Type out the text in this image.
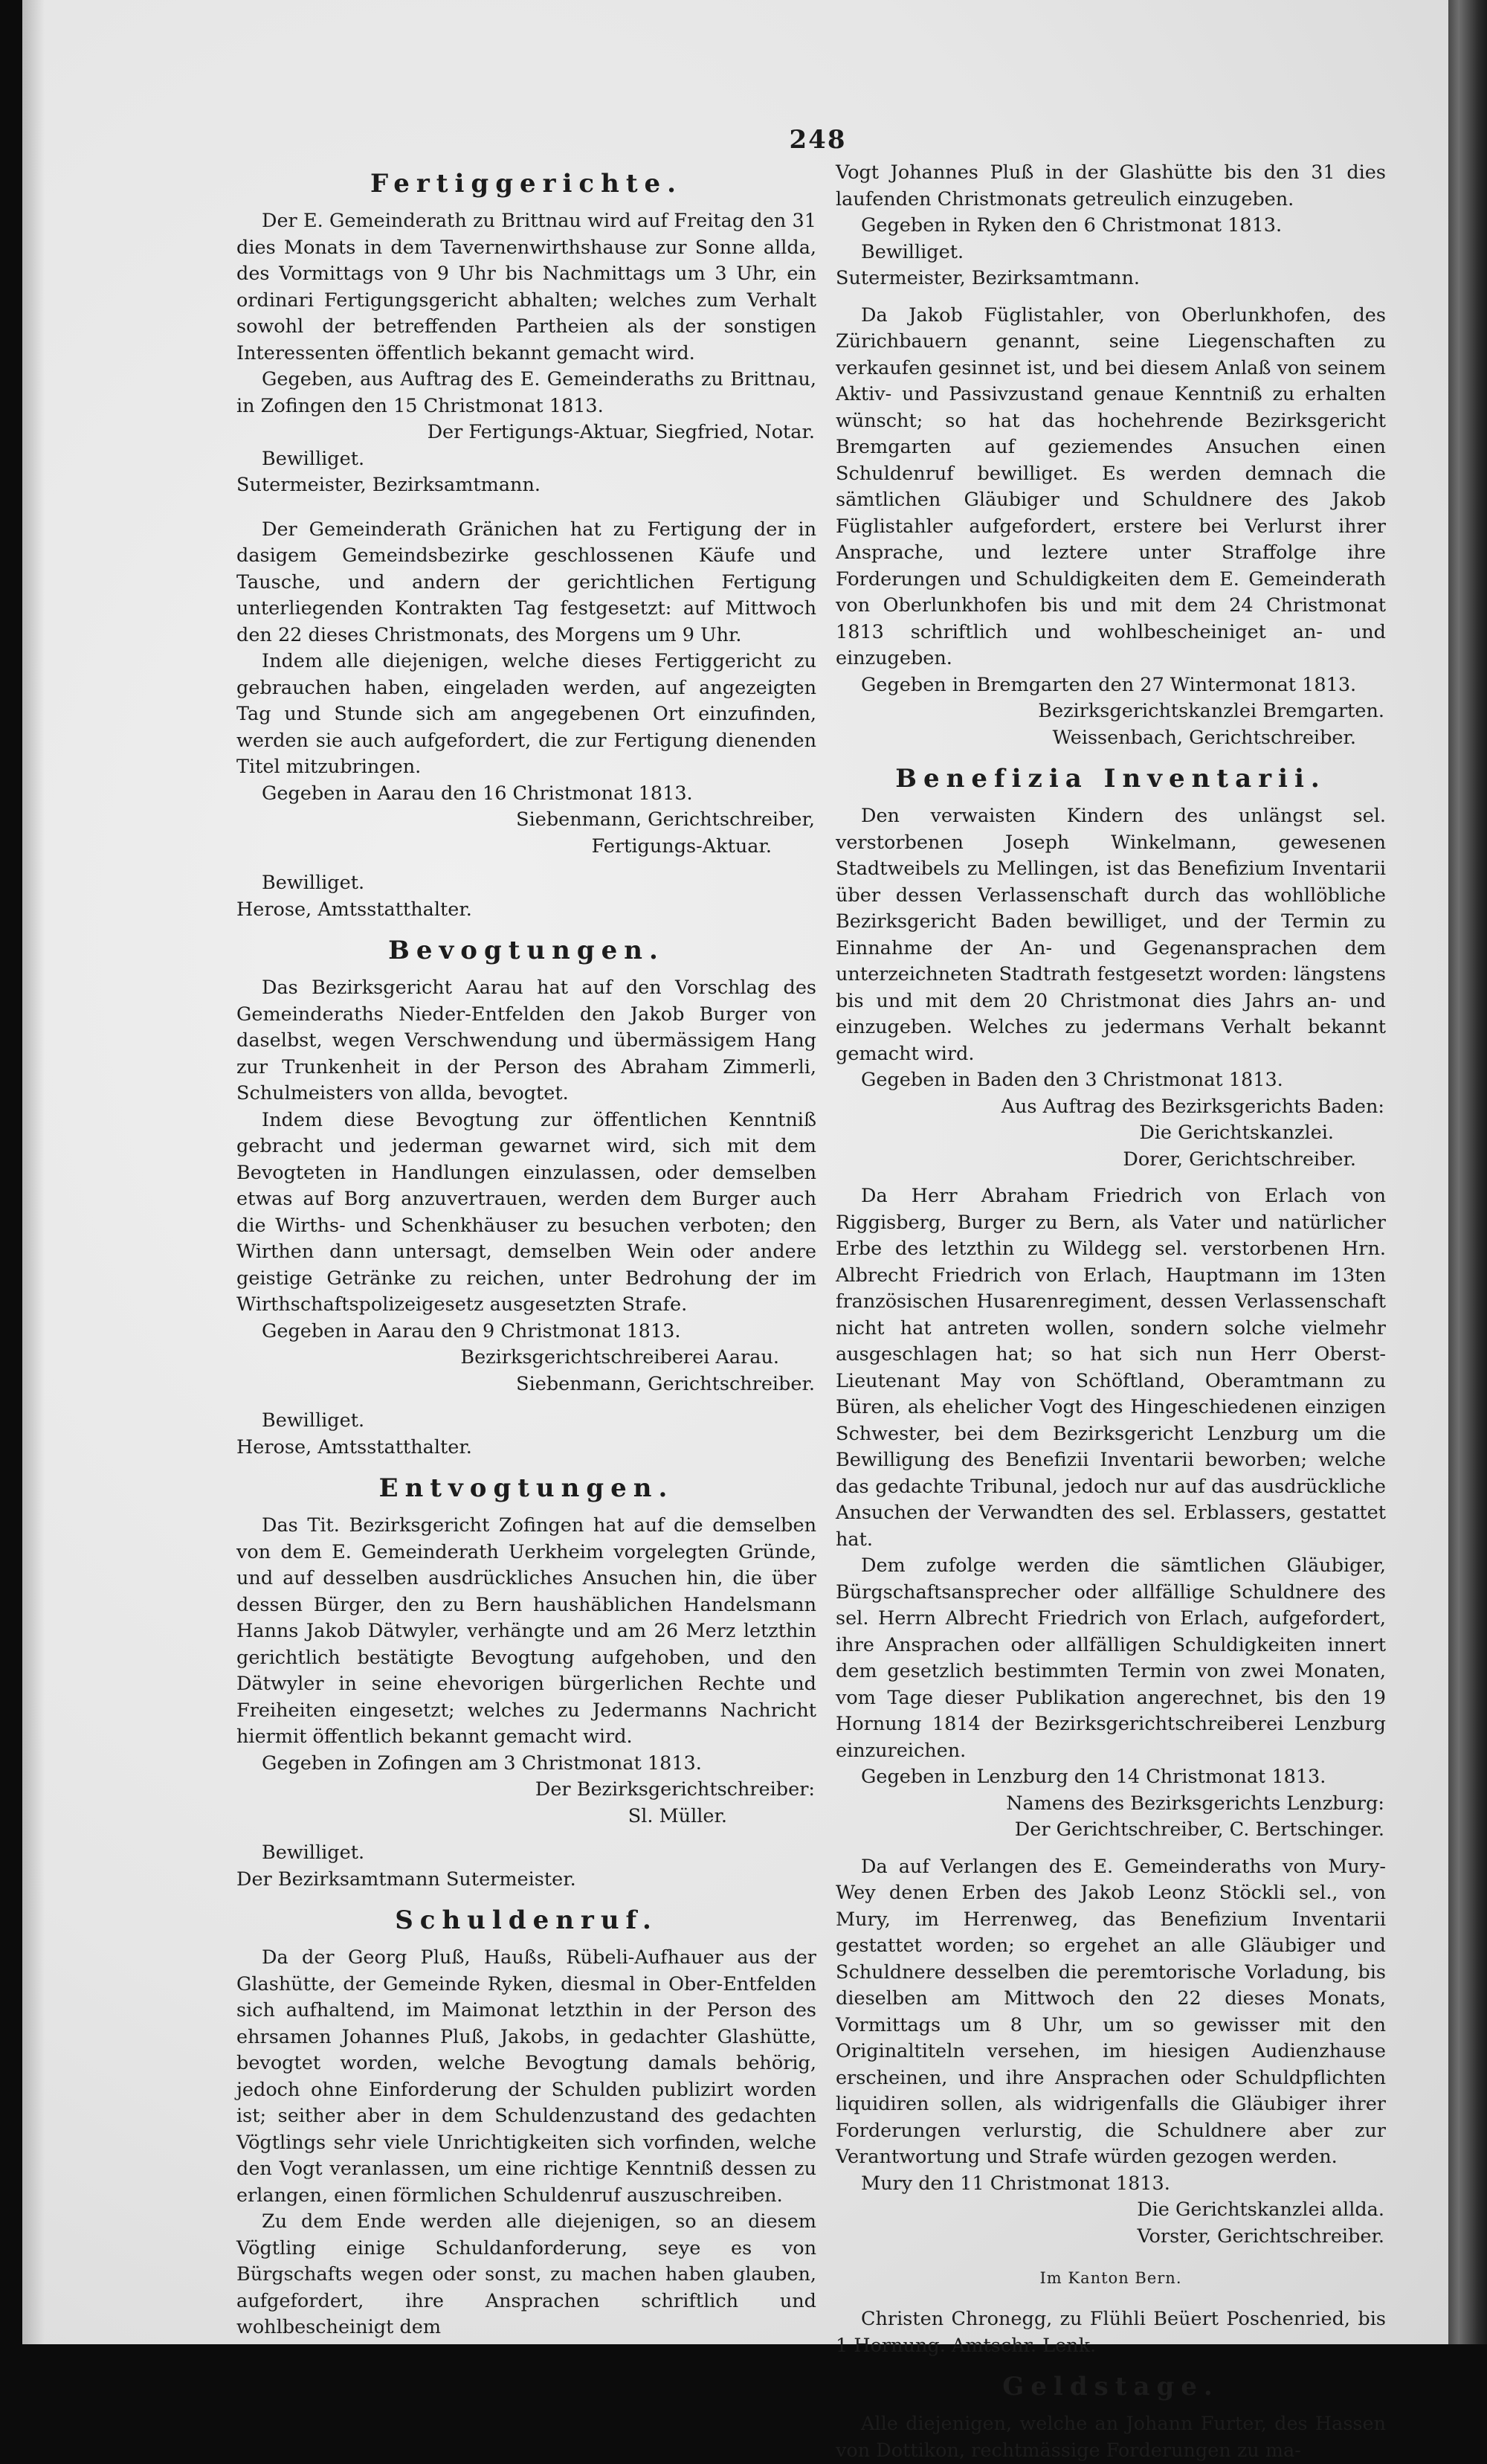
248
Fertiggerichte.

Der E. Gemeinderath zu Brittnau wird auf Freitag den 31 dies Monats in dem Tavernenwirthshause zur Sonne allda, des Vormittags von 9 Uhr bis Nachmittags um 3 Uhr, ein ordinari Fertigungsgericht abhalten; welches zum Verhalt sowohl der betreffenden Partheien als der sonstigen Interessenten öffentlich bekannt gemacht wird.

Gegeben, aus Auftrag des E. Gemeinderaths zu Brittnau, in Zofingen den 15 Christmonat 1813.

Der Fertigungs-Aktuar, Siegfried, Notar.

Bewilliget.

Sutermeister, Bezirksamtmann.

Der Gemeinderath Gränichen hat zu Fertigung der in dasigem Gemeindsbezirke geschlossenen Käufe und Tausche, und andern der gerichtlichen Fertigung unterliegenden Kontrakten Tag festgesetzt: auf Mittwoch den 22 dieses Christmonats, des Morgens um 9 Uhr.

Indem alle diejenigen, welche dieses Fertiggericht zu gebrauchen haben, eingeladen werden, auf angezeigten Tag und Stunde sich am angegebenen Ort einzufinden, werden sie auch aufgefordert, die zur Fertigung dienenden Titel mitzubringen.

Gegeben in Aarau den 16 Christmonat 1813.

Siebenmann, Gerichtschreiber,

Fertigungs-Aktuar.

Bewilliget.

Herose, Amtsstatthalter.

Bevogtungen.

Das Bezirksgericht Aarau hat auf den Vorschlag des Gemeinderaths Nieder-Entfelden den Jakob Burger von daselbst, wegen Verschwendung und übermässigem Hang zur Trunkenheit in der Person des Abraham Zimmerli, Schulmeisters von allda, bevogtet.

Indem diese Bevogtung zur öffentlichen Kenntniß gebracht und jederman gewarnet wird, sich mit dem Bevogteten in Handlungen einzulassen, oder demselben etwas auf Borg anzuvertrauen, werden dem Burger auch die Wirths- und Schenkhäuser zu besuchen verboten; den Wirthen dann untersagt, demselben Wein oder andere geistige Getränke zu reichen, unter Bedrohung der im Wirthschaftspolizeigesetz ausgesetzten Strafe.

Gegeben in Aarau den 9 Christmonat 1813.

Bezirksgerichtschreiberei Aarau.

Siebenmann, Gerichtschreiber.

Bewilliget.

Herose, Amtsstatthalter.

Entvogtungen.

Das Tit. Bezirksgericht Zofingen hat auf die demselben von dem E. Gemeinderath Uerkheim vorgelegten Gründe, und auf desselben ausdrückliches Ansuchen hin, die über dessen Bürger, den zu Bern haushäblichen Handelsmann Hanns Jakob Dätwyler, verhängte und am 26 Merz letzthin gerichtlich bestätigte Bevogtung aufgehoben, und den Dätwyler in seine ehevorigen bürgerlichen Rechte und Freiheiten eingesetzt; welches zu Jedermanns Nachricht hiermit öffentlich bekannt gemacht wird.

Gegeben in Zofingen am 3 Christmonat 1813.

Der Bezirksgerichtschreiber:

Sl. Müller.

Bewilliget.

Der Bezirksamtmann Sutermeister.

Schuldenruf.

Da der Georg Pluß, Haußs, Rübeli-Aufhauer aus der Glashütte, der Gemeinde Ryken, diesmal in Ober-Entfelden sich aufhaltend, im Maimonat letzthin in der Person des ehrsamen Johannes Pluß, Jakobs, in gedachter Glashütte, bevogtet worden, welche Bevogtung damals behörig, jedoch ohne Einforderung der Schulden publizirt worden ist; seither aber in dem Schuldenzustand des gedachten Vögtlings sehr viele Unrichtigkeiten sich vorfinden, welche den Vogt veranlassen, um eine richtige Kenntniß dessen zu erlangen, einen förmlichen Schuldenruf auszuschreiben.

Zu dem Ende werden alle diejenigen, so an diesem Vögtling einige Schuldanforderung, seye es von Bürgschafts wegen oder sonst, zu machen haben glauben, aufgefordert, ihre Ansprachen schriftlich und wohlbescheinigt dem

Vogt Johannes Pluß in der Glashütte bis den 31 dies laufenden Christmonats getreulich einzugeben.

Gegeben in Ryken den 6 Christmonat 1813.

Bewilliget.

Sutermeister, Bezirksamtmann.

Da Jakob Füglistahler, von Oberlunkhofen, des Zürichbauern genannt, seine Liegenschaften zu verkaufen gesinnet ist, und bei diesem Anlaß von seinem Aktiv- und Passivzustand genaue Kenntniß zu erhalten wünscht; so hat das hochehrende Bezirksgericht Bremgarten auf geziemendes Ansuchen einen Schuldenruf bewilliget. Es werden demnach die sämtlichen Gläubiger und Schuldnere des Jakob Füglistahler aufgefordert, erstere bei Verlurst ihrer Ansprache, und leztere unter Straffolge ihre Forderungen und Schuldigkeiten dem E. Gemeinderath von Oberlunkhofen bis und mit dem 24 Christmonat 1813 schriftlich und wohlbescheiniget an- und einzugeben.

Gegeben in Bremgarten den 27 Wintermonat 1813.

Bezirksgerichtskanzlei Bremgarten.

Weissenbach, Gerichtschreiber.

Benefizia Inventarii.

Den verwaisten Kindern des unlängst sel. verstorbenen Joseph Winkelmann, gewesenen Stadtweibels zu Mellingen, ist das Benefizium Inventarii über dessen Verlassenschaft durch das wohllöbliche Bezirksgericht Baden bewilliget, und der Termin zu Einnahme der An- und Gegenansprachen dem unterzeichneten Stadtrath festgesetzt worden: längstens bis und mit dem 20 Christmonat dies Jahrs an- und einzugeben. Welches zu jedermans Verhalt bekannt gemacht wird.

Gegeben in Baden den 3 Christmonat 1813.

Aus Auftrag des Bezirksgerichts Baden:

Die Gerichtskanzlei.

Dorer, Gerichtschreiber.

Da Herr Abraham Friedrich von Erlach von Riggisberg, Burger zu Bern, als Vater und natürlicher Erbe des letzthin zu Wildegg sel. verstorbenen Hrn. Albrecht Friedrich von Erlach, Hauptmann im 13ten französischen Husarenregiment, dessen Verlassenschaft nicht hat antreten wollen, sondern solche vielmehr ausgeschlagen hat; so hat sich nun Herr Oberst-Lieutenant May von Schöftland, Oberamtmann zu Büren, als ehelicher Vogt des Hingeschiedenen einzigen Schwester, bei dem Bezirksgericht Lenzburg um die Bewilligung des Benefizii Inventarii beworben; welche das gedachte Tribunal, jedoch nur auf das ausdrückliche Ansuchen der Verwandten des sel. Erblassers, gestattet hat.

Dem zufolge werden die sämtlichen Gläubiger, Bürgschaftsansprecher oder allfällige Schuldnere des sel. Herrn Albrecht Friedrich von Erlach, aufgefordert, ihre Ansprachen oder allfälligen Schuldigkeiten innert dem gesetzlich bestimmten Termin von zwei Monaten, vom Tage dieser Publikation angerechnet, bis den 19 Hornung 1814 der Bezirksgerichtschreiberei Lenzburg einzureichen.

Gegeben in Lenzburg den 14 Christmonat 1813.

Namens des Bezirksgerichts Lenzburg:

Der Gerichtschreiber, C. Bertschinger.

Da auf Verlangen des E. Gemeinderaths von Mury-Wey denen Erben des Jakob Leonz Stöckli sel., von Mury, im Herrenweg, das Benefizium Inventarii gestattet worden; so ergehet an alle Gläubiger und Schuldnere desselben die peremtorische Vorladung, bis dieselben am Mittwoch den 22 dieses Monats, Vormittags um 8 Uhr, um so gewisser mit den Originaltiteln versehen, im hiesigen Audienzhause erscheinen, und ihre Ansprachen oder Schuldpflichten liquidiren sollen, als widrigenfalls die Gläubiger ihrer Forderungen verlurstig, die Schuldnere aber zur Verantwortung und Strafe würden gezogen werden.

Mury den 11 Christmonat 1813.

Die Gerichtskanzlei allda.

Vorster, Gerichtschreiber.

Im Kanton Bern.

Christen Chronegg, zu Flühli Beüert Poschenried, bis 1 Hornung. Amtschr. Lenk.

Geldstage.

Alle diejenigen, welche an Johann Furter, des Hassen von Dottikon, rechtmässige Forderungen zu ma-
